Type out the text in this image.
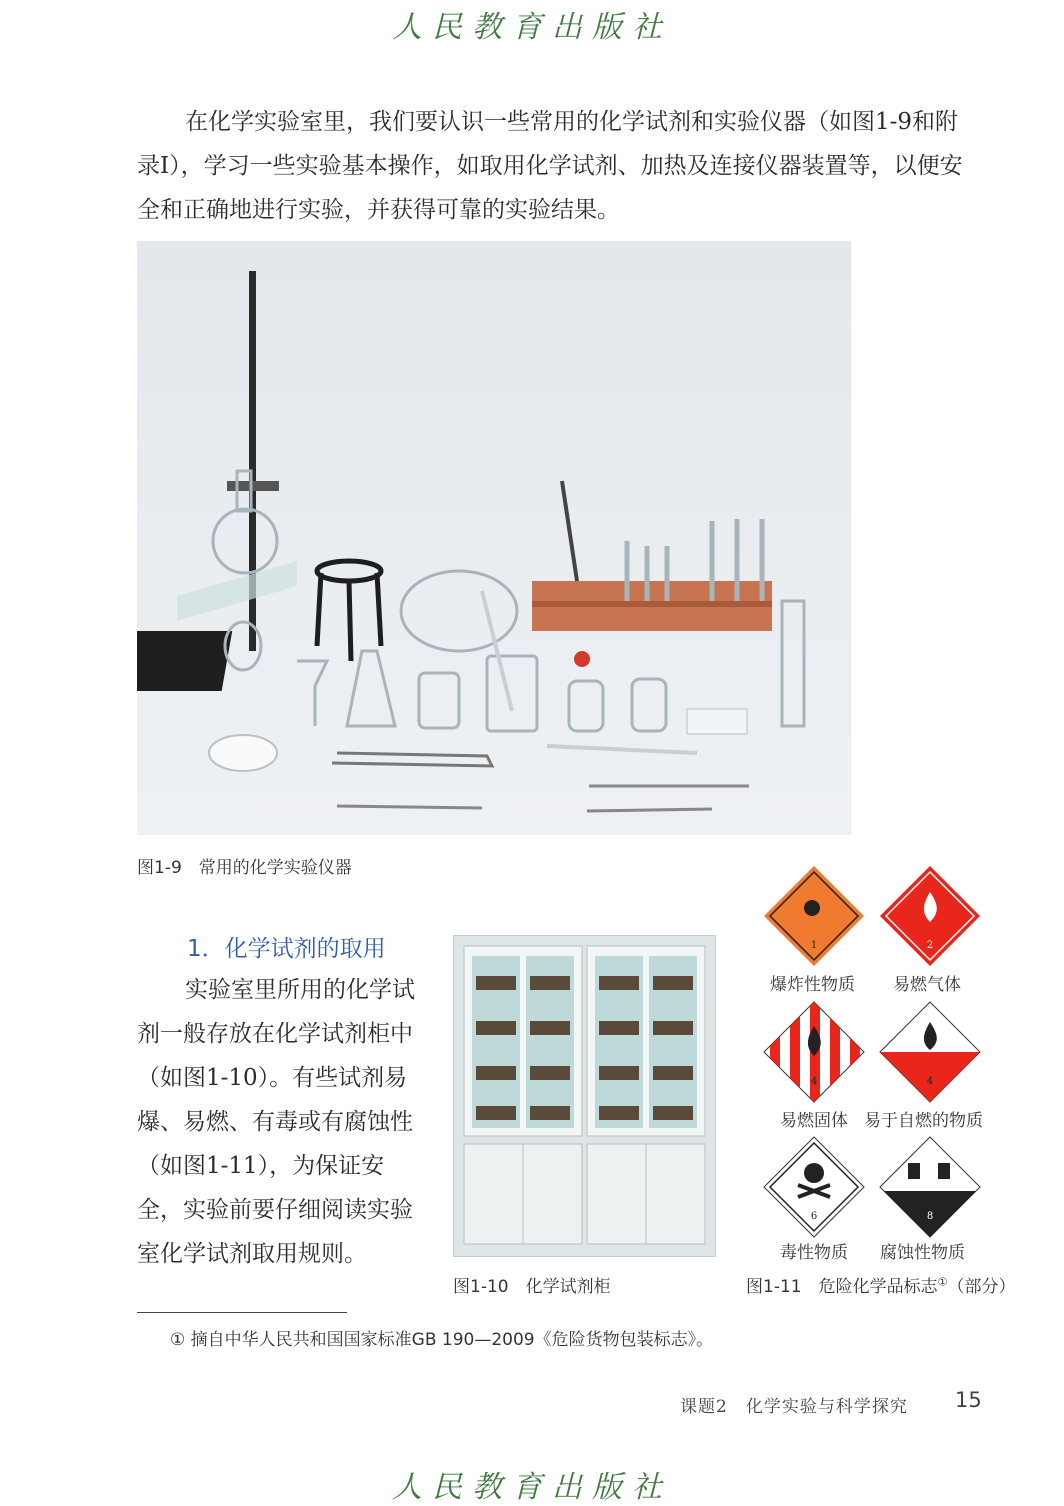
人民教育出版社

在化学实验室里，我们要认识一些常用的化学试剂和实验仪器（如图1-9和附录Ⅰ），学习一些实验基本操作，如取用化学试剂、加热及连接仪器装置等，以便安全和正确地进行实验，并获得可靠的实验结果。

图1-9　常用的化学实验仪器
1．化学试剂的取用

实验室里所用的化学试剂一般存放在化学试剂柜中（如图1-10）。有些试剂易爆、易燃、有毒或有腐蚀性（如图1-11），为保证安全，实验前要仔细阅读实验室化学试剂取用规则。

图1-10　化学试剂柜
1
爆炸性物质
2
易燃气体
4
易燃固体
4
易于自燃的物质
6
毒性物质
8
腐蚀性物质
图1-11　危险化学品标志①（部分）
① 摘自中华人民共和国国家标准GB 190—2009《危险货物包装标志》。
课题2　化学实验与科学探究 15
人民教育出版社
